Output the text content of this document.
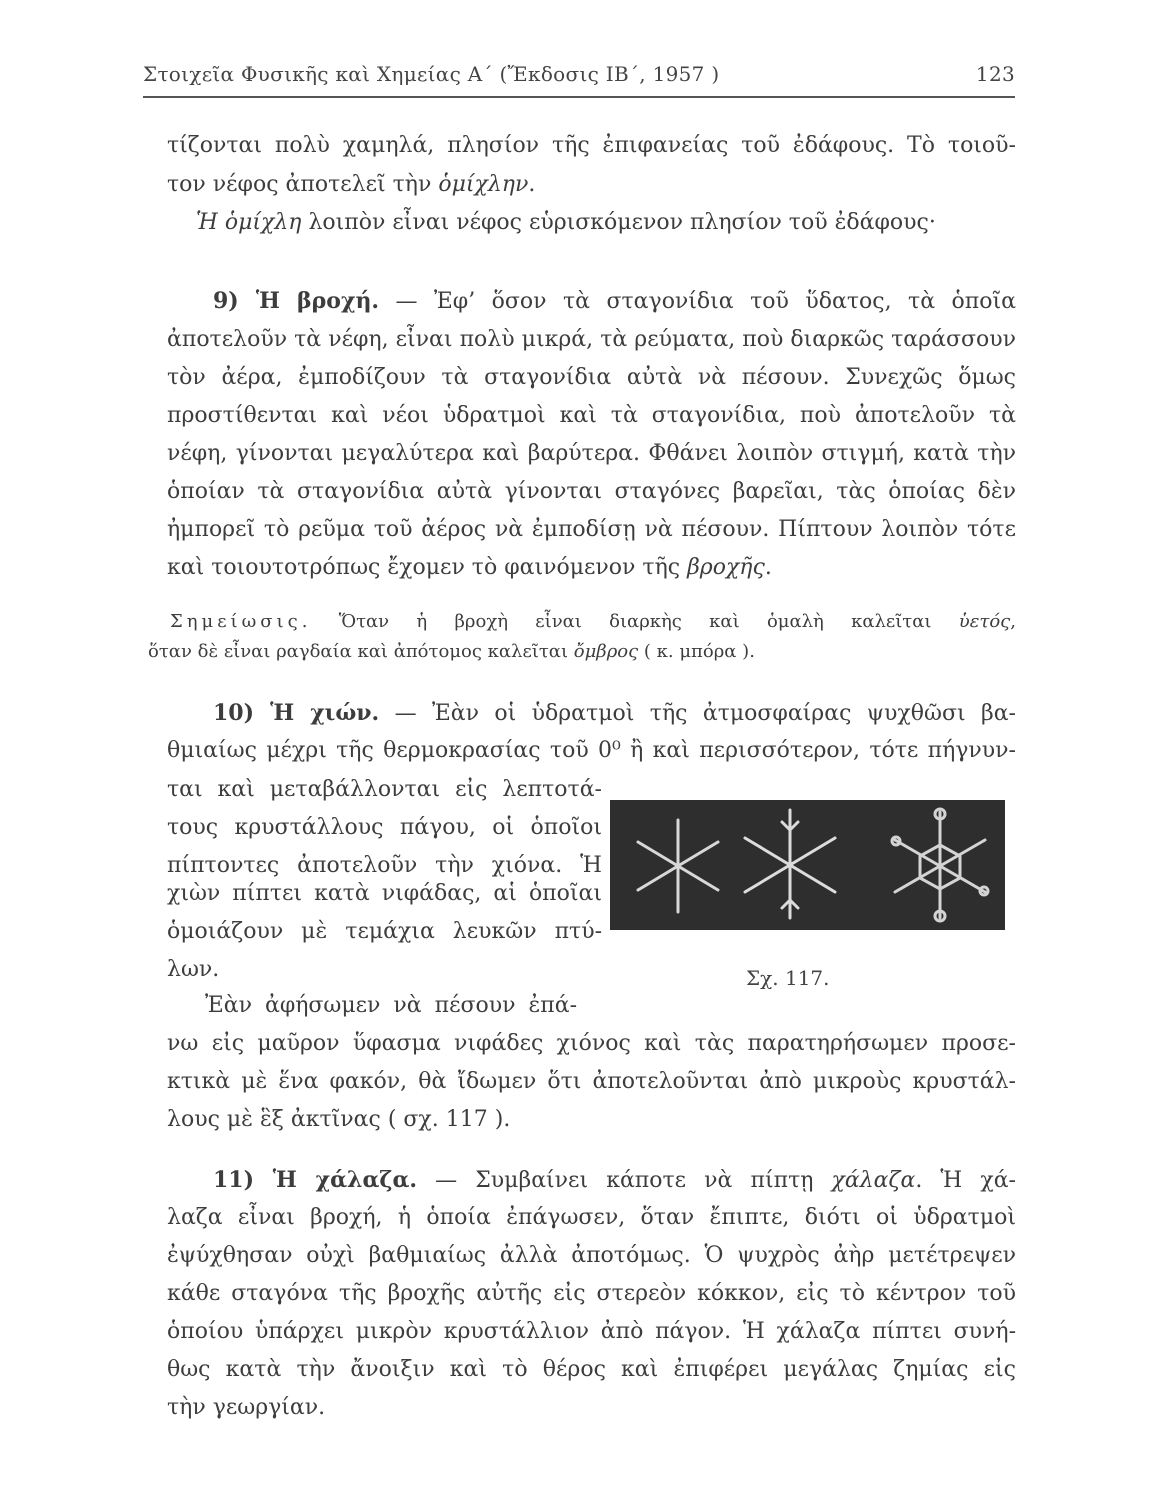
Στοιχεῖα Φυσικῆς καὶ Χημείας Α΄ (Ἔκδοσις ΙΒ΄, 1957 )	123
τίζονται πολὺ χαμηλά, πλησίον τῆς ἐπιφανείας τοῦ ἐδάφους. Τὸ τοιοῦ-
τον νέφος ἀποτελεῖ τὴν ὁμίχλην.
Ἡ ὁμίχλη λοιπὸν εἶναι νέφος εὑρισκόμενον πλησίον τοῦ ἐδάφους·
9) Ἡ βροχή. — Ἐφ’ ὅσον τὰ σταγονίδια τοῦ ὕδατος, τὰ ὁποῖα
ἀποτελοῦν τὰ νέφη, εἶναι πολὺ μικρά, τὰ ρεύματα, ποὺ διαρκῶς ταράσσουν
τὸν ἀέρα, ἐμποδίζουν τὰ σταγονίδια αὐτὰ νὰ πέσουν. Συνεχῶς ὅμως
προστίθενται καὶ νέοι ὑδρατμοὶ καὶ τὰ σταγονίδια, ποὺ ἀποτελοῦν τὰ
νέφη, γίνονται μεγαλύτερα καὶ βαρύτερα. Φθάνει λοιπὸν στιγμή, κατὰ τὴν
ὁποίαν τὰ σταγονίδια αὐτὰ γίνονται σταγόνες βαρεῖαι, τὰς ὁποίας δὲν
ἠμπορεῖ τὸ ρεῦμα τοῦ ἀέρος νὰ ἐμποδίσῃ νὰ πέσουν. Πίπτουν λοιπὸν τότε
καὶ τοιουτοτρόπως ἔχομεν τὸ φαινόμενον τῆς βροχῆς.
Σημείωσις. Ὅταν ἡ βροχὴ εἶναι διαρκὴς καὶ ὁμαλὴ καλεῖται ὑετός,
ὅταν δὲ εἶναι ραγδαία καὶ ἀπότομος καλεῖται ὄμβρος ( κ. μπόρα ).
10) Ἡ χιών. — Ἐὰν οἱ ὑδρατμοὶ τῆς ἀτμοσφαίρας ψυχθῶσι βα-
θμιαίως μέχρι τῆς θερμοκρασίας τοῦ 0⁰ ἢ καὶ περισσότερον, τότε πήγνυν-
ται καὶ μεταβάλλονται εἰς λεπτοτά-
τους κρυστάλλους πάγου, οἱ ὁποῖοι
πίπτοντες ἀποτελοῦν τὴν χιόνα. Ἡ
χιὼν πίπτει κατὰ νιφάδας, αἱ ὁποῖαι
ὁμοιάζουν μὲ τεμάχια λευκῶν πτύ-
λων.
Ἐὰν ἀφήσωμεν νὰ πέσουν ἐπά-
νω εἰς μαῦρον ὕφασμα νιφάδες χιόνος καὶ τὰς παρατηρήσωμεν προσε-
κτικὰ μὲ ἕνα φακόν, θὰ ἴδωμεν ὅτι ἀποτελοῦνται ἀπὸ μικροὺς κρυστάλ-
λους μὲ ἓξ ἀκτῖνας ( σχ. 117 ).
Σχ. 117.
11) Ἡ χάλαζα. — Συμβαίνει κάποτε νὰ πίπτῃ χάλαζα. Ἡ χά-
λαζα εἶναι βροχή, ἡ ὁποία ἐπάγωσεν, ὅταν ἔπιπτε, διότι οἱ ὑδρατμοὶ
ἐψύχθησαν οὐχὶ βαθμιαίως ἀλλὰ ἀποτόμως. Ὁ ψυχρὸς ἀὴρ μετέτρεψεν
κάθε σταγόνα τῆς βροχῆς αὐτῆς εἰς στερεὸν κόκκον, εἰς τὸ κέντρον τοῦ
ὁποίου ὑπάρχει μικρὸν κρυστάλλιον ἀπὸ πάγον. Ἡ χάλαζα πίπτει συνή-
θως κατὰ τὴν ἄνοιξιν καὶ τὸ θέρος καὶ ἐπιφέρει μεγάλας ζημίας εἰς
τὴν γεωργίαν.
